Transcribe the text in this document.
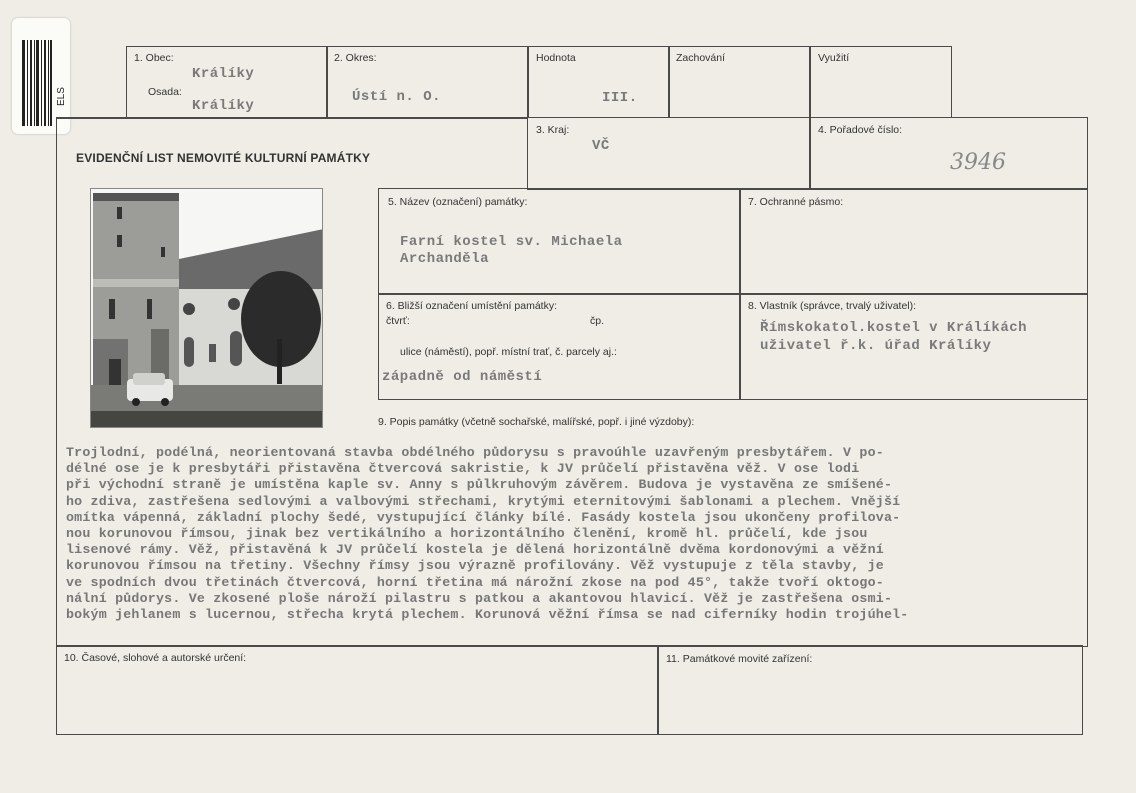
ELS
1. Obec:
Králíky
Osada:
Králíky
2. Okres:
Ústí n. O.
Hodnota
III.
Zachování	Využití
EVIDENČNÍ LIST NEMOVITÉ KULTURNÍ PAMÁTKY
3. Kraj:
VČ
4. Pořadové číslo:
3946
5. Název (označení) památky:
Farní kostel sv. Michaela
Archanděla
7. Ochranné pásmo:
6. Bližší označení umístění památky:
čtvrť:	čp.
ulice (náměstí), popř. místní trať, č. parcely aj.:
západně od náměstí
8. Vlastník (správce, trvalý uživatel):
Římskokatol.kostel v Králíkách
uživatel ř.k. úřad Králíky
9. Popis památky (včetně sochařské, malířské, popř. i jiné výzdoby):
Trojlodní, podélná, neorientovaná stavba obdélného půdorysu s pravoúhle uzavřeným presbytářem. V po-
délné ose je k presbytáři přistavěna čtvercová sakristie, k JV průčelí přistavěna věž. V ose lodi
při východní straně je umístěna kaple sv. Anny s půlkruhovým závěrem. Budova je vystavěna ze smíšené-
ho zdiva, zastřešena sedlovými a valbovými střechami, krytými eternitovými šablonami a plechem. Vnější
omítka vápenná, základní plochy šedé, vystupující články bílé. Fasády kostela jsou ukončeny profilova-
nou korunovou římsou, jinak bez vertikálního a horizontálního členění, kromě hl. průčelí, kde jsou
lisenové rámy. Věž, přistavěná k JV průčelí kostela je dělená horizontálně dvěma kordonovými a věžní
korunovou římsou na třetiny. Všechny římsy jsou výrazně profilovány. Věž vystupuje z těla stavby, je
ve spodních dvou třetinách čtvercová, horní třetina má nárožní zkose na pod 45°, takže tvoří oktogo-
nální půdorys. Ve zkosené ploše nároží pilastru s patkou a akantovou hlavicí. Věž je zastřešena osmi-
bokým jehlanem s lucernou, střecha krytá plechem. Korunová věžní římsa se nad ciferníky hodin trojúhel-
10. Časové, slohové a autorské určení:	11. Památkové movité zařízení:
